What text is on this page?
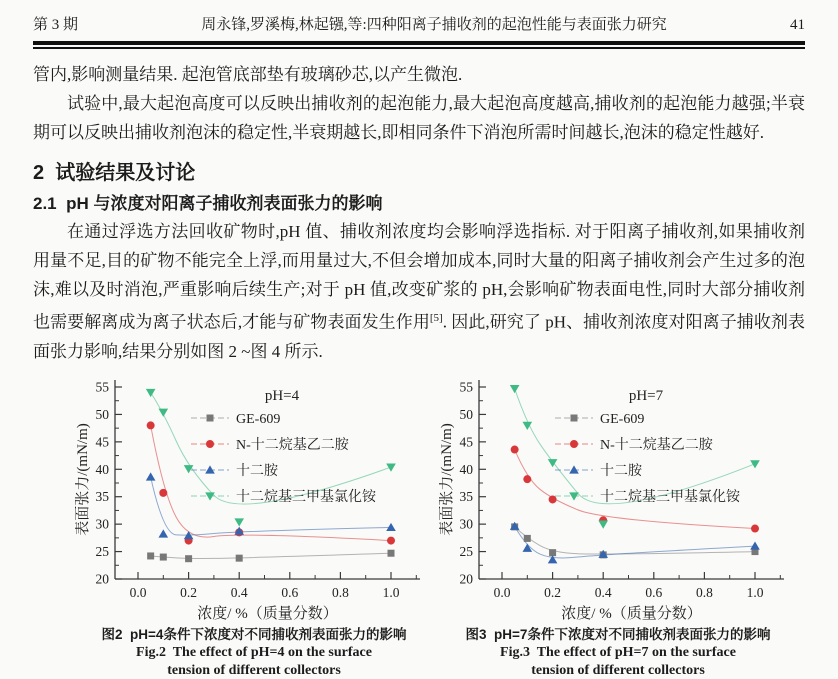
第 3 期	周永锋,罗溪梅,林起镪,等:四种阳离子捕收剂的起泡性能与表面张力研究	41

管内,影响测量结果. 起泡管底部垫有玻璃砂芯,以产生微泡.

试验中,最大起泡高度可以反映出捕收剂的起泡能力,最大起泡高度越高,捕收剂的起泡能力越强;半衰期可以反映出捕收剂泡沫的稳定性,半衰期越长,即相同条件下消泡所需时间越长,泡沫的稳定性越好.

2  试验结果及讨论
2.1  pH 与浓度对阳离子捕收剂表面张力的影响

在通过浮选方法回收矿物时,pH 值、捕收剂浓度均会影响浮选指标. 对于阳离子捕收剂,如果捕收剂用量不足,目的矿物不能完全上浮,而用量过大,不但会增加成本,同时大量的阳离子捕收剂会产生过多的泡沫,难以及时消泡,严重影响后续生产;对于 pH 值,改变矿浆的 pH,会影响矿物表面电性,同时大部分捕收剂也需要解离成为离子状态后,才能与矿物表面发生作用[5]. 因此,研究了 pH、捕收剂浓度对阳离子捕收剂表面张力影响,结果分别如图 2 ~图 4 所示.

0.0 0.2 0.4 0.6 0.8 1.0
20
25
30
35
40
45
50
55
浓度/ %（质量分数）
表面张力/(mN/m)
pH=4
GE-609
N-十二烷基乙二胺
十二胺
十二烷基三甲基氯化铵
图2  pH=4条件下浓度对不同捕收剂表面张力的影响
Fig.2  The effect of pH=4 on the surface
tension of different collectors
0.0 0.2 0.4 0.6 0.8 1.0
20
25
30
35
40
45
50
55
浓度/ %（质量分数）
表面张力/(mN/m)
pH=7
GE-609
N-十二烷基乙二胺
十二胺
十二烷基三甲基氯化铵
图3  pH=7条件下浓度对不同捕收剂表面张力的影响
Fig.3  The effect of pH=7 on the surface
tension of different collectors
